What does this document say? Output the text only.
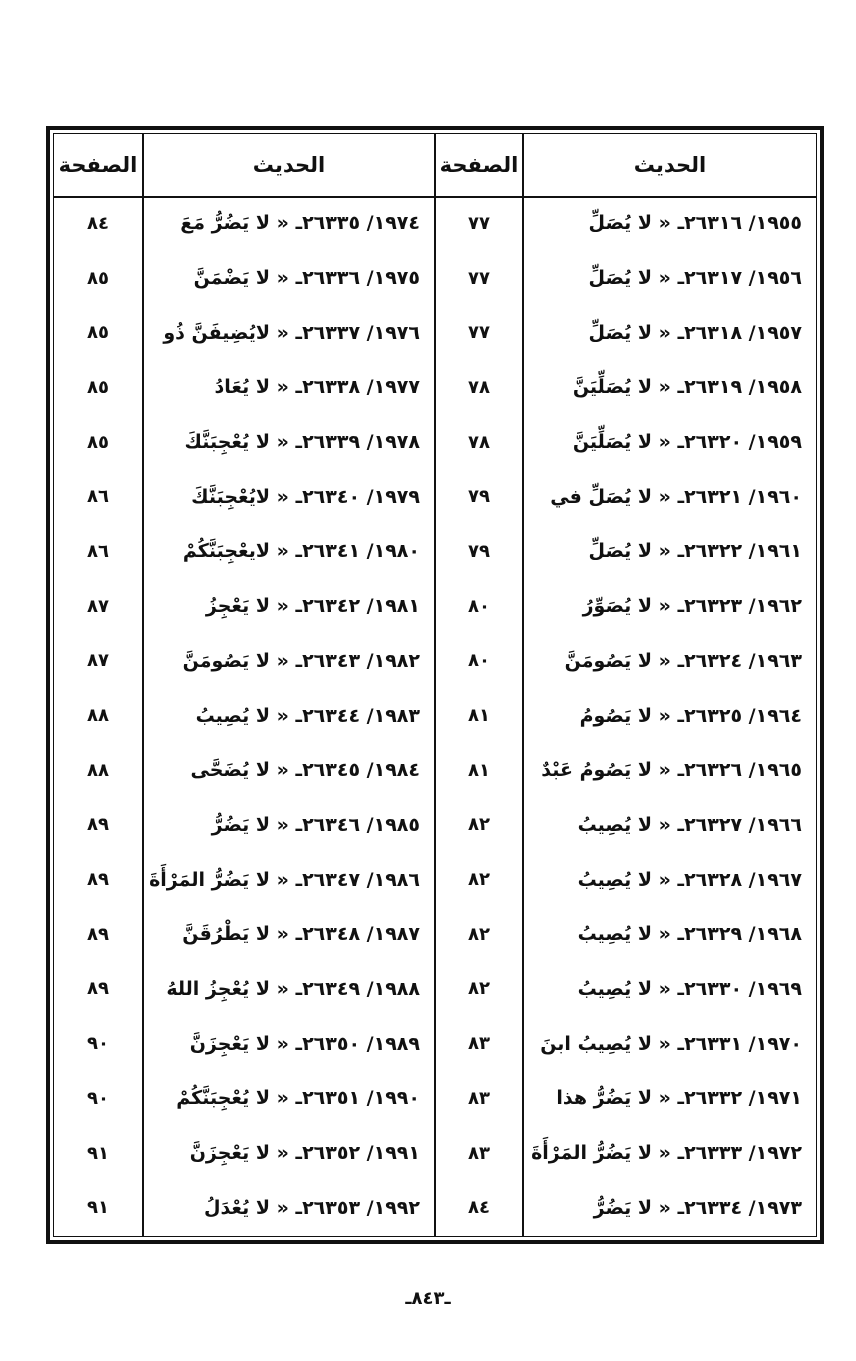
الحديث
١٩٥٥/ ٢٦٣١٦ـ « لا يُصَلِّ
١٩٥٦/ ٢٦٣١٧ـ « لا يُصَلِّ
١٩٥٧/ ٢٦٣١٨ـ « لا يُصَلِّ
١٩٥٨/ ٢٦٣١٩ـ « لا يُصَلِّيَنَّ
١٩٥٩/ ٢٦٣٢٠ـ « لا يُصَلِّيَنَّ
١٩٦٠/ ٢٦٣٢١ـ « لا يُصَلِّ في
١٩٦١/ ٢٦٣٢٢ـ « لا يُصَلِّ
١٩٦٢/ ٢٦٣٢٣ـ « لا يُصَوِّرُ
١٩٦٣/ ٢٦٣٢٤ـ « لا يَصُومَنَّ
١٩٦٤/ ٢٦٣٢٥ـ « لا يَصُومُ
١٩٦٥/ ٢٦٣٢٦ـ « لا يَصُومُ عَبْدٌ
١٩٦٦/ ٢٦٣٢٧ـ « لا يُصِيبُ
١٩٦٧/ ٢٦٣٢٨ـ « لا يُصِيبُ
١٩٦٨/ ٢٦٣٢٩ـ « لا يُصِيبُ
١٩٦٩/ ٢٦٣٣٠ـ « لا يُصِيبُ
١٩٧٠/ ٢٦٣٣١ـ « لا يُصِيبُ ابنَ
١٩٧١/ ٢٦٣٣٢ـ « لا يَضُرُّ هذا
١٩٧٢/ ٢٦٣٣٣ـ « لا يَضُرُّ المَرْأَةَ
١٩٧٣/ ٢٦٣٣٤ـ « لا يَضُرُّ
الصفحة
٧٧
٧٧
٧٧
٧٨
٧٨
٧٩
٧٩
٨٠
٨٠
٨١
٨١
٨٢
٨٢
٨٢
٨٢
٨٣
٨٣
٨٣
٨٤
الحديث
١٩٧٤/ ٢٦٣٣٥ـ « لا يَضُرُّ مَعَ
١٩٧٥/ ٢٦٣٣٦ـ « لا يَضْمَنَّ
١٩٧٦/ ٢٦٣٣٧ـ « لايُضِيفَنَّ ذُو
١٩٧٧/ ٢٦٣٣٨ـ « لا يُعَادُ
١٩٧٨/ ٢٦٣٣٩ـ « لا يُعْجِبَنَّكَ
١٩٧٩/ ٢٦٣٤٠ـ « لايُعْجِبَنَّكَ
١٩٨٠/ ٢٦٣٤١ـ « لايعْجِبَنَّكُمْ
١٩٨١/ ٢٦٣٤٢ـ « لا يَعْجِزُ
١٩٨٢/ ٢٦٣٤٣ـ « لا يَصُومَنَّ
١٩٨٣/ ٢٦٣٤٤ـ « لا يُصِيبُ
١٩٨٤/ ٢٦٣٤٥ـ « لا يُضَحَّى
١٩٨٥/ ٢٦٣٤٦ـ « لا يَضُرُّ
١٩٨٦/ ٢٦٣٤٧ـ « لا يَضُرُّ المَرْأَةَ
١٩٨٧/ ٢٦٣٤٨ـ « لا يَطْرُقَنَّ
١٩٨٨/ ٢٦٣٤٩ـ « لا يُعْجِزُ اللهُ
١٩٨٩/ ٢٦٣٥٠ـ « لا يَعْجِزَنَّ
١٩٩٠/ ٢٦٣٥١ـ « لا يُعْجِبَنَّكُمْ
١٩٩١/ ٢٦٣٥٢ـ « لا يَعْجِزَنَّ
١٩٩٢/ ٢٦٣٥٣ـ « لا يُعْدَلُ
الصفحة
٨٤
٨٥
٨٥
٨٥
٨٥
٨٦
٨٦
٨٧
٨٧
٨٨
٨٨
٨٩
٨٩
٨٩
٨٩
٩٠
٩٠
٩١
٩١
ـ٨٤٣ـ
